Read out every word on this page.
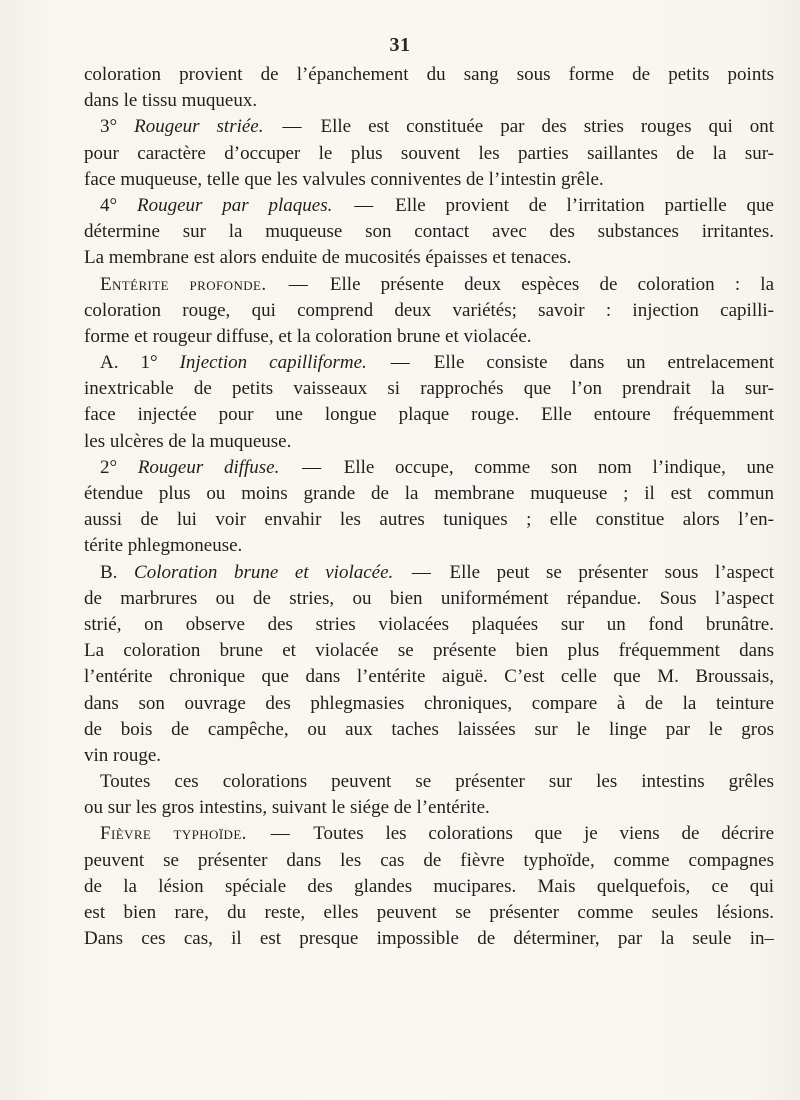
31
coloration provient de l’épanchement du sang sous forme de petits points
dans le tissu muqueux.
3° Rougeur striée. — Elle est constituée par des stries rouges qui ont
pour caractère d’occuper le plus souvent les parties saillantes de la sur-
face muqueuse, telle que les valvules conniventes de l’intestin grêle.
4° Rougeur par plaques. — Elle provient de l’irritation partielle que
détermine sur la muqueuse son contact avec des substances irritantes.
La membrane est alors enduite de mucosités épaisses et tenaces.
Entérite profonde. — Elle présente deux espèces de coloration : la
coloration rouge, qui comprend deux variétés; savoir : injection capilli-
forme et rougeur diffuse, et la coloration brune et violacée.
A. 1° Injection capilliforme. — Elle consiste dans un entrelacement
inextricable de petits vaisseaux si rapprochés que l’on prendrait la sur-
face injectée pour une longue plaque rouge. Elle entoure fréquemment
les ulcères de la muqueuse.
2° Rougeur diffuse. — Elle occupe, comme son nom l’indique, une
étendue plus ou moins grande de la membrane muqueuse ; il est commun
aussi de lui voir envahir les autres tuniques ; elle constitue alors l’en-
térite phlegmoneuse.
B. Coloration brune et violacée. — Elle peut se présenter sous l’aspect
de marbrures ou de stries, ou bien uniformément répandue. Sous l’aspect
strié, on observe des stries violacées plaquées sur un fond brunâtre.
La coloration brune et violacée se présente bien plus fréquemment dans
l’entérite chronique que dans l’entérite aiguë. C’est celle que M. Broussais,
dans son ouvrage des phlegmasies chroniques, compare à de la teinture
de bois de campêche, ou aux taches laissées sur le linge par le gros
vin rouge.
Toutes ces colorations peuvent se présenter sur les intestins grêles
ou sur les gros intestins, suivant le siége de l’entérite.
Fièvre typhoïde. — Toutes les colorations que je viens de décrire
peuvent se présenter dans les cas de fièvre typhoïde, comme compagnes
de la lésion spéciale des glandes mucipares. Mais quelquefois, ce qui
est bien rare, du reste, elles peuvent se présenter comme seules lésions.
Dans ces cas, il est presque impossible de déterminer, par la seule in–
